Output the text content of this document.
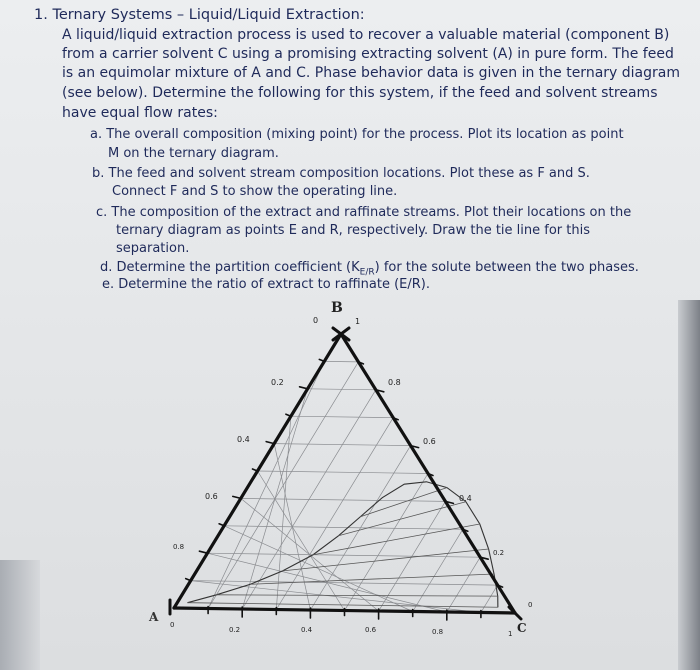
1. Ternary Systems – Liquid/Liquid Extraction:
A liquid/liquid extraction process is used to recover a valuable material (component B)
from a carrier solvent C using a promising extracting solvent (A) in pure form. The feed
is an equimolar mixture of A and C. Phase behavior data is given in the ternary diagram
(see below). Determine the following for this system, if the feed and solvent streams
have equal flow rates:
a. The overall composition (mixing point) for the process. Plot its location as point
M on the ternary diagram.
b. The feed and solvent stream composition locations. Plot these as F and S.
Connect F and S to show the operating line.
c. The composition of the extract and raffinate streams. Plot their locations on the
ternary diagram as points E and R, respectively. Draw the tie line for this
separation.
d. Determine the partition coefficient $(K_{E/R})$ for the solute between the two phases.
e. Determine the ratio of extract to raffinate (E/R).
B
A
C
0	1
0
1
0
0.2
0.4
0.6
0.8
0.8
0.6
0.4
0.2
0.2	0.4	0.6	0.8
